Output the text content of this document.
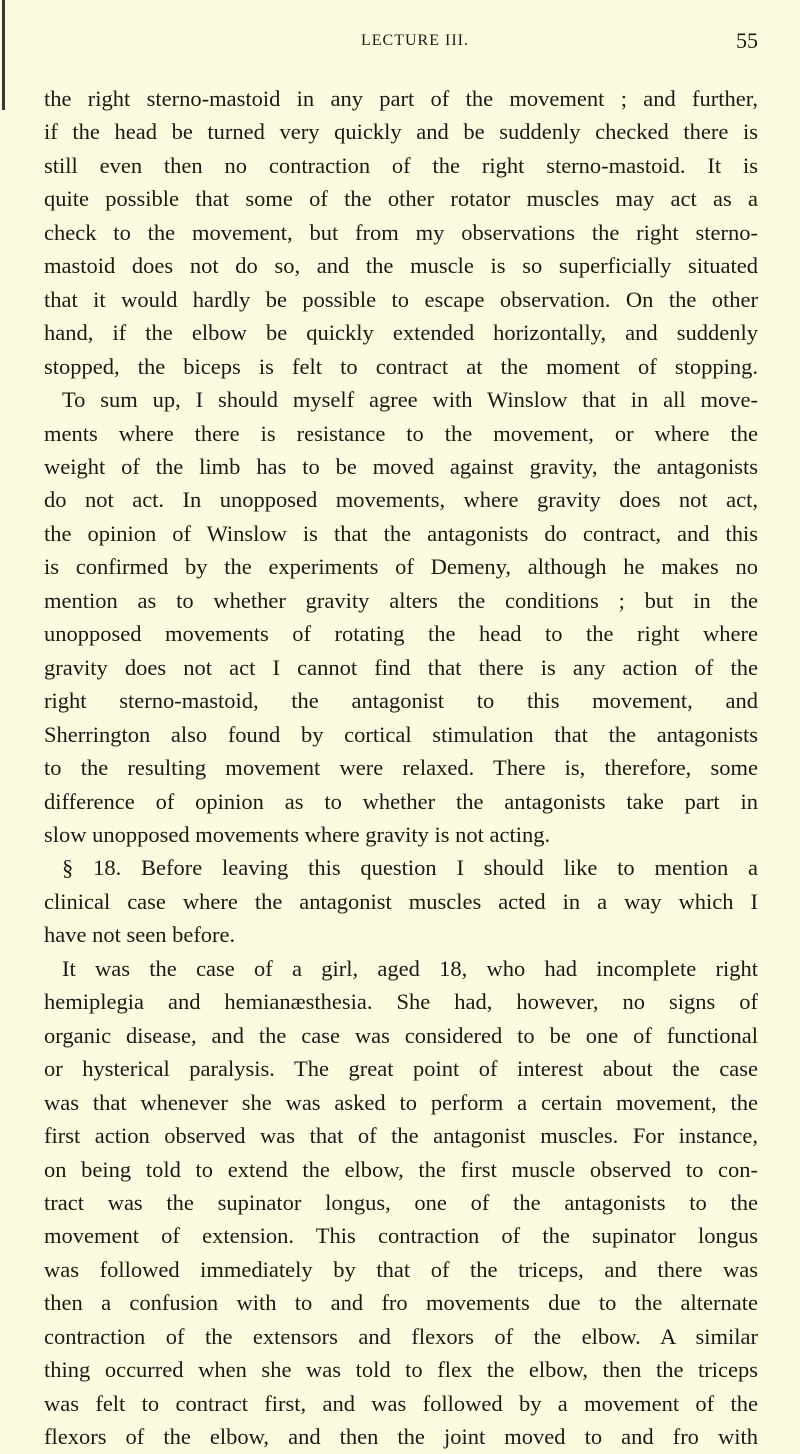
LECTURE III.	55
the right sterno-mastoid in any part of the movement ; and further,
if the head be turned very quickly and be suddenly checked there is
still even then no contraction of the right sterno-mastoid. It is
quite possible that some of the other rotator muscles may act as a
check to the movement, but from my observations the right sterno-
mastoid does not do so, and the muscle is so superficially situated
that it would hardly be possible to escape observation. On the other
hand, if the elbow be quickly extended horizontally, and suddenly
stopped, the biceps is felt to contract at the moment of stopping.
To sum up, I should myself agree with Winslow that in all move-
ments where there is resistance to the movement, or where the
weight of the limb has to be moved against gravity, the antagonists
do not act. In unopposed movements, where gravity does not act,
the opinion of Winslow is that the antagonists do contract, and this
is confirmed by the experiments of Demeny, although he makes no
mention as to whether gravity alters the conditions ; but in the
unopposed movements of rotating the head to the right where
gravity does not act I cannot find that there is any action of the
right sterno-mastoid, the antagonist to this movement, and
Sherrington also found by cortical stimulation that the antagonists
to the resulting movement were relaxed. There is, therefore, some
difference of opinion as to whether the antagonists take part in
slow unopposed movements where gravity is not acting.
§ 18. Before leaving this question I should like to mention a
clinical case where the antagonist muscles acted in a way which I
have not seen before.
It was the case of a girl, aged 18, who had incomplete right
hemiplegia and hemianæsthesia. She had, however, no signs of
organic disease, and the case was considered to be one of functional
or hysterical paralysis. The great point of interest about the case
was that whenever she was asked to perform a certain movement, the
first action observed was that of the antagonist muscles. For instance,
on being told to extend the elbow, the first muscle observed to con-
tract was the supinator longus, one of the antagonists to the
movement of extension. This contraction of the supinator longus
was followed immediately by that of the triceps, and there was
then a confusion with to and fro movements due to the alternate
contraction of the extensors and flexors of the elbow. A similar
thing occurred when she was told to flex the elbow, then the triceps
was felt to contract first, and was followed by a movement of the
flexors of the elbow, and then the joint moved to and fro with
